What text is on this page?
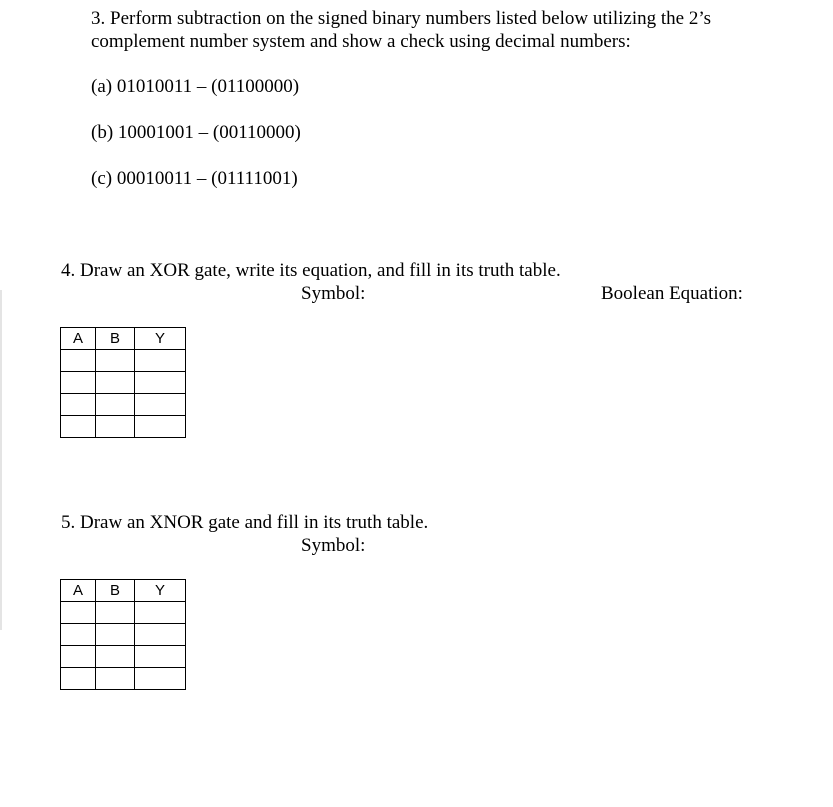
3. Perform subtraction on the signed binary numbers listed below utilizing the 2’s
complement number system and show a check using decimal numbers:
(a) 01010011 – (01100000)
(b) 10001001 – (00110000)
(c) 00010011 – (01111001)
4. Draw an XOR gate, write its equation, and fill in its truth table.
Symbol:	Boolean Equation:
A	B	Y

5. Draw an XNOR gate and fill in its truth table.
Symbol:
A	B	Y
